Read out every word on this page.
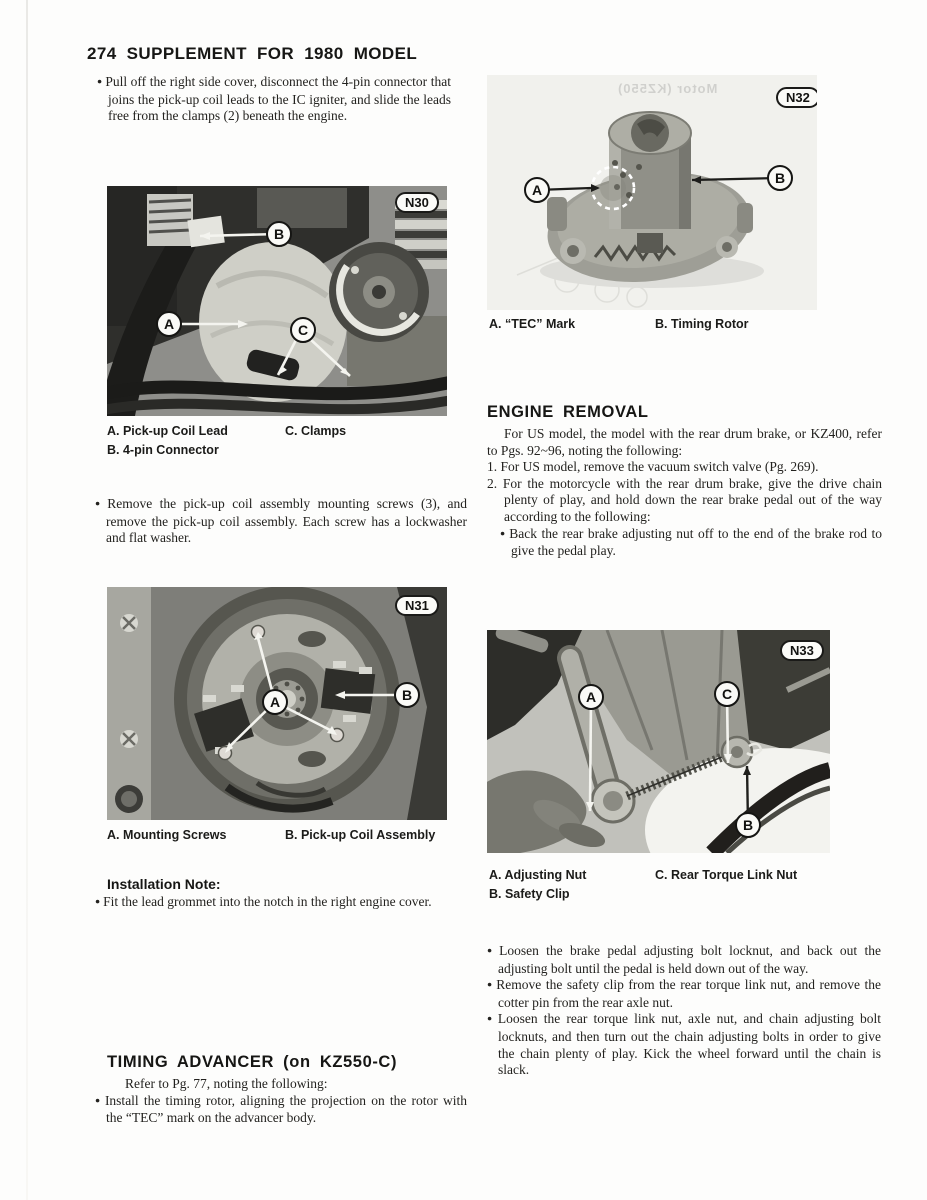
274 SUPPLEMENT FOR 1980 MODEL

● Pull off the right side cover, disconnect the 4-pin connector that joins the pick-up coil leads to the IC igniter, and slide the leads free from the clamps (2) beneath the engine.

N30
A
B
C
A. Pick-up Coil Lead
B. 4-pin Connector
C. Clamps

● Remove the pick-up coil assembly mounting screws (3), and remove the pick-up coil assembly. Each screw has a lockwasher and flat washer.

N31
A	B
A. Mounting Screws	B. Pick-up Coil Assembly
Installation Note:

● Fit the lead grommet into the notch in the right engine cover.

TIMING ADVANCER (on KZ550-C)

Refer to Pg. 77, noting the following:

● Install the timing rotor, aligning the projection on the rotor with the “TEC” mark on the advancer body.

Motor (KZ550)
N32
A
B
A. “TEC” Mark	B. Timing Rotor
ENGINE REMOVAL

For US model, the model with the rear drum brake, or KZ400, refer to Pgs. 92~96, noting the following:

1. For US model, remove the vacuum switch valve (Pg. 269).

2. For the motorcycle with the rear drum brake, give the drive chain plenty of play, and hold down the rear brake pedal out of the way according to the following:

● Back the rear brake adjusting nut off to the end of the brake rod to give the pedal play.

N33
A
B
C
A. Adjusting Nut
B. Safety Clip
C. Rear Torque Link Nut

● Loosen the brake pedal adjusting bolt locknut, and back out the adjusting bolt until the pedal is held down out of the way.

● Remove the safety clip from the rear torque link nut, and remove the cotter pin from the rear axle nut.

● Loosen the rear torque link nut, axle nut, and chain adjusting bolt locknuts, and then turn out the chain adjusting bolts in order to give the chain plenty of play. Kick the wheel forward until the chain is slack.
